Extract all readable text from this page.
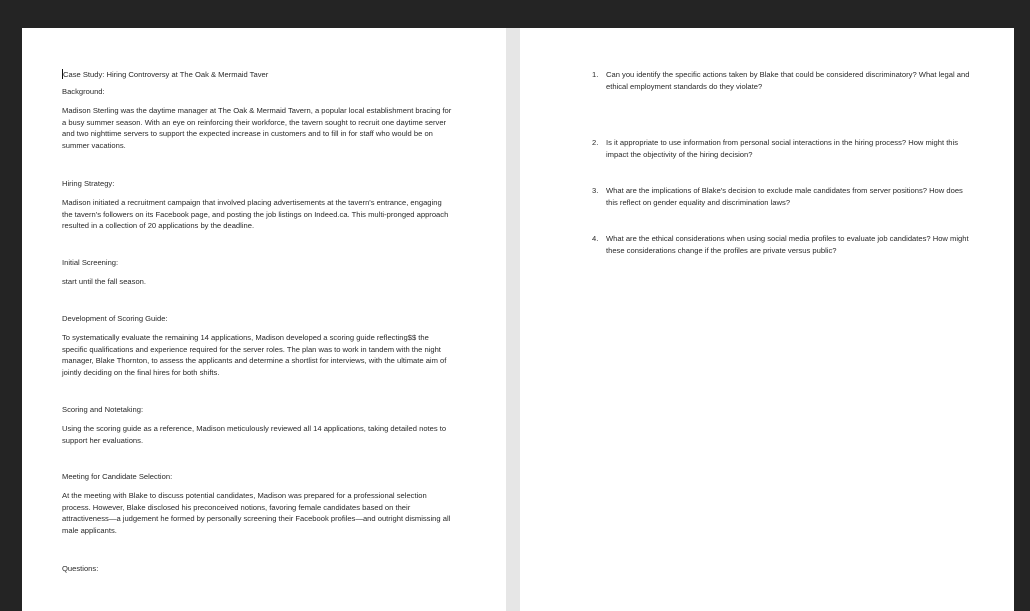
Case Study: Hiring Controversy at The Oak & Mermaid Taver
Background:
Madison Sterling was the daytime manager at The Oak & Mermaid Tavern, a popular local establishment bracing for a busy summer season. With an eye on reinforcing their workforce, the tavern sought to recruit one daytime server and two nighttime servers to support the expected increase in customers and to fill in for staff who would be on summer vacations.
Hiring Strategy:
Madison initiated a recruitment campaign that involved placing advertisements at the tavern's entrance, engaging the tavern's followers on its Facebook page, and posting the job listings on Indeed.ca. This multi-pronged approach resulted in a collection of 20 applications by the deadline.
Initial Screening:
start until the fall season.
Development of Scoring Guide:
To systematically evaluate the remaining 14 applications, Madison developed a scoring guide reflecting$$ the specific qualifications and experience required for the server roles. The plan was to work in tandem with the night manager, Blake Thornton, to assess the applicants and determine a shortlist for interviews, with the ultimate aim of jointly deciding on the final hires for both shifts.
Scoring and Notetaking:
Using the scoring guide as a reference, Madison meticulously reviewed all 14 applications, taking detailed notes to support her evaluations.
Meeting for Candidate Selection:
At the meeting with Blake to discuss potential candidates, Madison was prepared for a professional selection process. However, Blake disclosed his preconceived notions, favoring female candidates based on their attractiveness—a judgement he formed by personally screening their Facebook profiles—and outright dismissing all male applicants.
Questions:
1. Can you identify the specific actions taken by Blake that could be considered discriminatory? What legal and ethical employment standards do they violate?
2. Is it appropriate to use information from personal social interactions in the hiring process? How might this impact the objectivity of the hiring decision?
3. What are the implications of Blake's decision to exclude male candidates from server positions? How does this reflect on gender equality and discrimination laws?
4. What are the ethical considerations when using social media profiles to evaluate job candidates? How might these considerations change if the profiles are private versus public?
